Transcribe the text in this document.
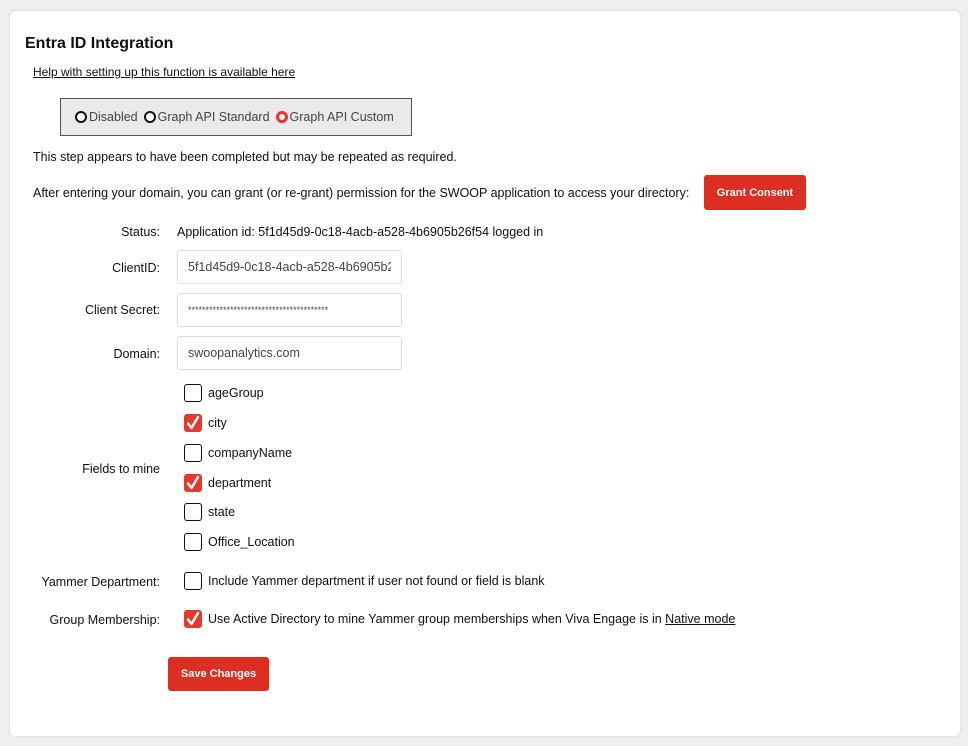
Entra ID Integration
Help with setting up this function is available here
Disabled Graph API Standard Graph API Custom
This step appears to have been completed but may be repeated as required.
After entering your domain, you can grant (or re-grant) permission for the SWOOP application to access your directory:	Grant Consent
Status: Application id: 5f1d45d9-0c18-4acb-a528-4b6905b26f54 logged in
ClientID:
5f1d45d9-0c18-4acb-a528-4b6905b26f54
Client Secret:
****************************************
Domain:
swoopanalytics.com
Fields to mine
ageGroup
city
companyName
department
state
Office_Location
Yammer Department:	Include Yammer department if user not found or field is blank
Group Membership:	Use Active Directory to mine Yammer group memberships when Viva Engage is in Native mode
Save Changes
